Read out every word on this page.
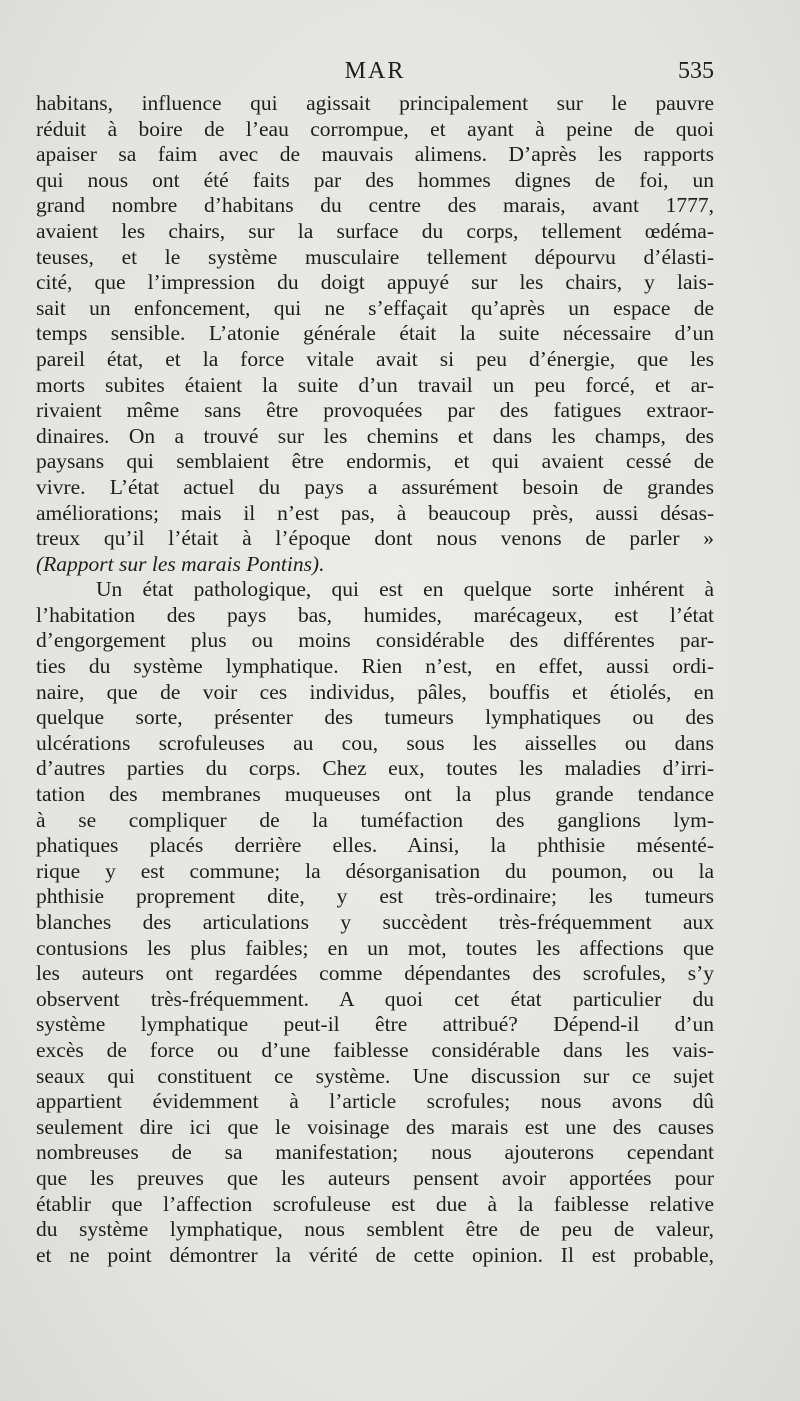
MAR	535
habitans, influence qui agissait principalement sur le pauvre
réduit à boire de l’eau corrompue, et ayant à peine de quoi
apaiser sa faim avec de mauvais alimens. D’après les rapports
qui nous ont été faits par des hommes dignes de foi, un
grand nombre d’habitans du centre des marais, avant 1777,
avaient les chairs, sur la surface du corps, tellement œdéma-
teuses, et le système musculaire tellement dépourvu d’élasti-
cité, que l’impression du doigt appuyé sur les chairs, y lais-
sait un enfoncement, qui ne s’effaçait qu’après un espace de
temps sensible. L’atonie générale était la suite nécessaire d’un
pareil état, et la force vitale avait si peu d’énergie, que les
morts subites étaient la suite d’un travail un peu forcé, et ar-
rivaient même sans être provoquées par des fatigues extraor-
dinaires. On a trouvé sur les chemins et dans les champs, des
paysans qui semblaient être endormis, et qui avaient cessé de
vivre. L’état actuel du pays a assurément besoin de grandes
améliorations; mais il n’est pas, à beaucoup près, aussi désas-
treux qu’il l’était à l’époque dont nous venons de parler »
(Rapport sur les marais Pontins).
Un état pathologique, qui est en quelque sorte inhérent à
l’habitation des pays bas, humides, marécageux, est l’état
d’engorgement plus ou moins considérable des différentes par-
ties du système lymphatique. Rien n’est, en effet, aussi ordi-
naire, que de voir ces individus, pâles, bouffis et étiolés, en
quelque sorte, présenter des tumeurs lymphatiques ou des
ulcérations scrofuleuses au cou, sous les aisselles ou dans
d’autres parties du corps. Chez eux, toutes les maladies d’irri-
tation des membranes muqueuses ont la plus grande tendance
à se compliquer de la tuméfaction des ganglions lym-
phatiques placés derrière elles. Ainsi, la phthisie mésenté-
rique y est commune; la désorganisation du poumon, ou la
phthisie proprement dite, y est très-ordinaire; les tumeurs
blanches des articulations y succèdent très-fréquemment aux
contusions les plus faibles; en un mot, toutes les affections que
les auteurs ont regardées comme dépendantes des scrofules, s’y
observent très-fréquemment. A quoi cet état particulier du
système lymphatique peut-il être attribué? Dépend-il d’un
excès de force ou d’une faiblesse considérable dans les vais-
seaux qui constituent ce système. Une discussion sur ce sujet
appartient évidemment à l’article scrofules; nous avons dû
seulement dire ici que le voisinage des marais est une des causes
nombreuses de sa manifestation; nous ajouterons cependant
que les preuves que les auteurs pensent avoir apportées pour
établir que l’affection scrofuleuse est due à la faiblesse relative
du système lymphatique, nous semblent être de peu de valeur,
et ne point démontrer la vérité de cette opinion. Il est probable,
